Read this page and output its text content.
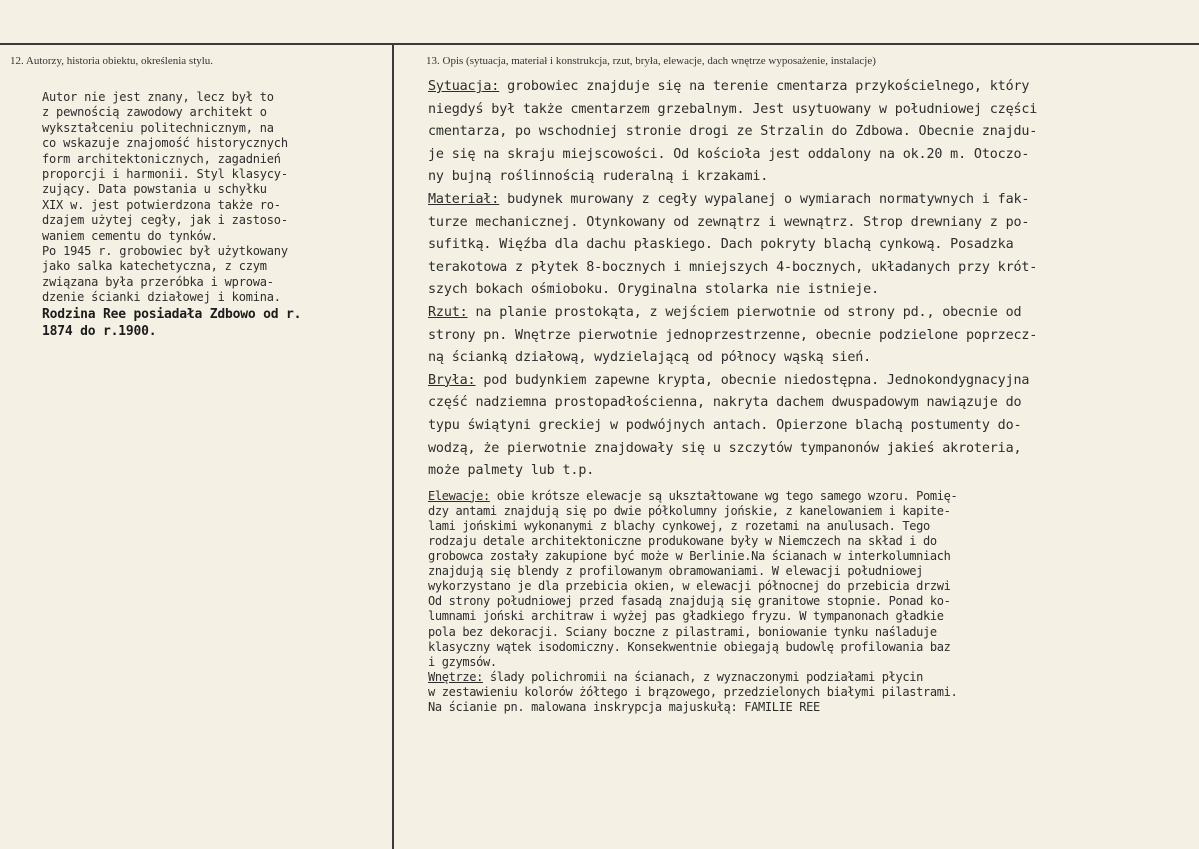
12. Autorzy, historia obiektu, określenia stylu.	13. Opis (sytuacja, materiał i konstrukcja, rzut, bryła, elewacje, dach wnętrze wyposażenie, instalacje)
Autor nie jest znany, lecz był to
z pewnością zawodowy architekt o
wykształceniu politechnicznym, na
co wskazuje znajomość historycznych
form architektonicznych, zagadnień
proporcji i harmonii. Styl klasycy-
zujący. Data powstania u schyłku
XIX w. jest potwierdzona także ro-
dzajem użytej cegły, jak i zastoso-
waniem cementu do tynków.
Po 1945 r. grobowiec był użytkowany
jako salka katechetyczna, z czym
związana była przeróbka i wprowa-
dzenie ścianki działowej i komina.
Rodzina Ree posiadała Zdbowo od r.
1874 do r.1900.
Sytuacja: grobowiec znajduje się na terenie cmentarza przykościelnego, który
niegdyś był także cmentarzem grzebalnym. Jest usytuowany w południowej części
cmentarza, po wschodniej stronie drogi ze Strzalin do Zdbowa. Obecnie znajdu-
je się na skraju miejscowości. Od kościoła jest oddalony na ok.20 m. Otoczo-
ny bujną roślinnością ruderalną i krzakami.
Materiał: budynek murowany z cegły wypalanej o wymiarach normatywnych i fak-
turze mechanicznej. Otynkowany od zewnątrz i wewnątrz. Strop drewniany z po-
sufitką. Więźba dla dachu płaskiego. Dach pokryty blachą cynkową. Posadzka
terakotowa z płytek 8-bocznych i mniejszych 4-bocznych, układanych przy krót-
szych bokach ośmioboku. Oryginalna stolarka nie istnieje.
Rzut: na planie prostokąta, z wejściem pierwotnie od strony pd., obecnie od
strony pn. Wnętrze pierwotnie jednoprzestrzenne, obecnie podzielone poprzecz-
ną ścianką działową, wydzielającą od północy wąską sień.
Bryła: pod budynkiem zapewne krypta, obecnie niedostępna. Jednokondygnacyjna
część nadziemna prostopadłościenna, nakryta dachem dwuspadowym nawiązuje do
typu świątyni greckiej w podwójnych antach. Opierzone blachą postumenty do-
wodzą, że pierwotnie znajdowały się u szczytów tympanonów jakieś akroteria,
może palmety lub t.p.
Elewacje: obie krótsze elewacje są ukształtowane wg tego samego wzoru. Pomię-
dzy antami znajdują się po dwie półkolumny jońskie, z kanelowaniem i kapite-
lami jońskimi wykonanymi z blachy cynkowej, z rozetami na anulusach. Tego
rodzaju detale architektoniczne produkowane były w Niemczech na skład i do
grobowca zostały zakupione być może w Berlinie.Na ścianach w interkolumniach
znajdują się blendy z profilowanym obramowaniami. W elewacji południowej
wykorzystano je dla przebicia okien, w elewacji północnej do przebicia drzwi
Od strony południowej przed fasadą znajdują się granitowe stopnie. Ponad ko-
lumnami joński architraw i wyżej pas gładkiego fryzu. W tympanonach gładkie
pola bez dekoracji. Sciany boczne z pilastrami, boniowanie tynku naśladuje
klasyczny wątek isodomiczny. Konsekwentnie obiegają budowlę profilowania baz
i gzymsów.
Wnętrze: ślady polichromii na ścianach, z wyznaczonymi podziałami płycin
w zestawieniu kolorów żółtego i brązowego, przedzielonych białymi pilastrami.
Na ścianie pn. malowana inskrypcja majuskułą: FAMILIE REE
